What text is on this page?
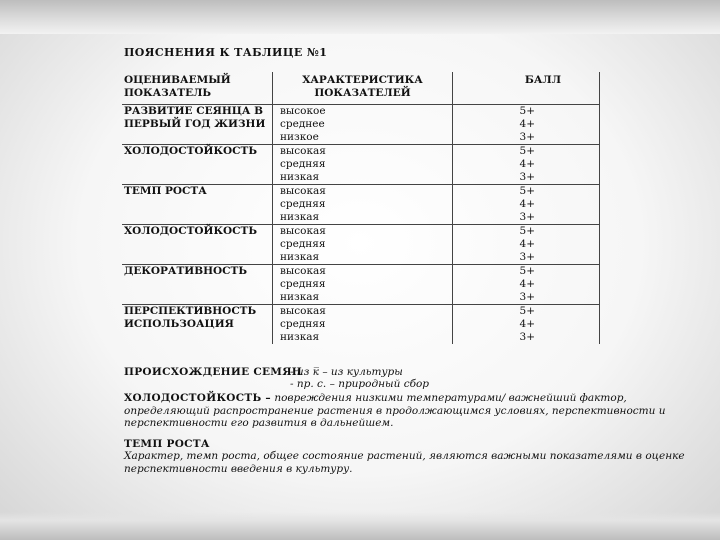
ПОЯСНЕНИЯ К ТАБЛИЦЕ №1
ОЦЕНИВАЕМЫЙ ПОКАЗАТЕЛЬ	ХАРАКТЕРИСТИКА ПОКАЗАТЕЛЕЙ	БАЛЛ
РАЗВИТИЕ СЕЯНЦА В ПЕРВЫЙ ГОД ЖИЗНИ	высокое	5+
	среднее	4+
	низкое	3+
ХОЛОДОСТОЙКОСТЬ	высокая	5+
	средняя	4+
	низкая	3+
ТЕМП РОСТА	высокая	5+
	средняя	4+
	низкая	3+
ХОЛОДОСТОЙКОСТЬ	высокая	5+
	средняя	4+
	низкая	3+
ДЕКОРАТИВНОСТЬ	высокая	5+
	средняя	4+
	низкая	3+
ПЕРСПЕКТИВНОСТЬ ИСПОЛЬЗОАЦИЯ	высокая	5+
	средняя	4+
	низкая	3+
ПРОИСХОЖДЕНИЕ СЕМЯН
- из к̅ – из культуры
- пр. с. – природный сбор
ХОЛОДОСТОЙКОСТЬ – повреждения низкими температурами/ важнейший фактор,
определяющий распространение растения в продолжающимся условиях, перспективности и
перспективности его развития в дальнейшем.
ТЕМП РОСТА
Характер, темп роста, общее состояние растений, являются важными показателями в оценке
перспективности введения в культуру.
